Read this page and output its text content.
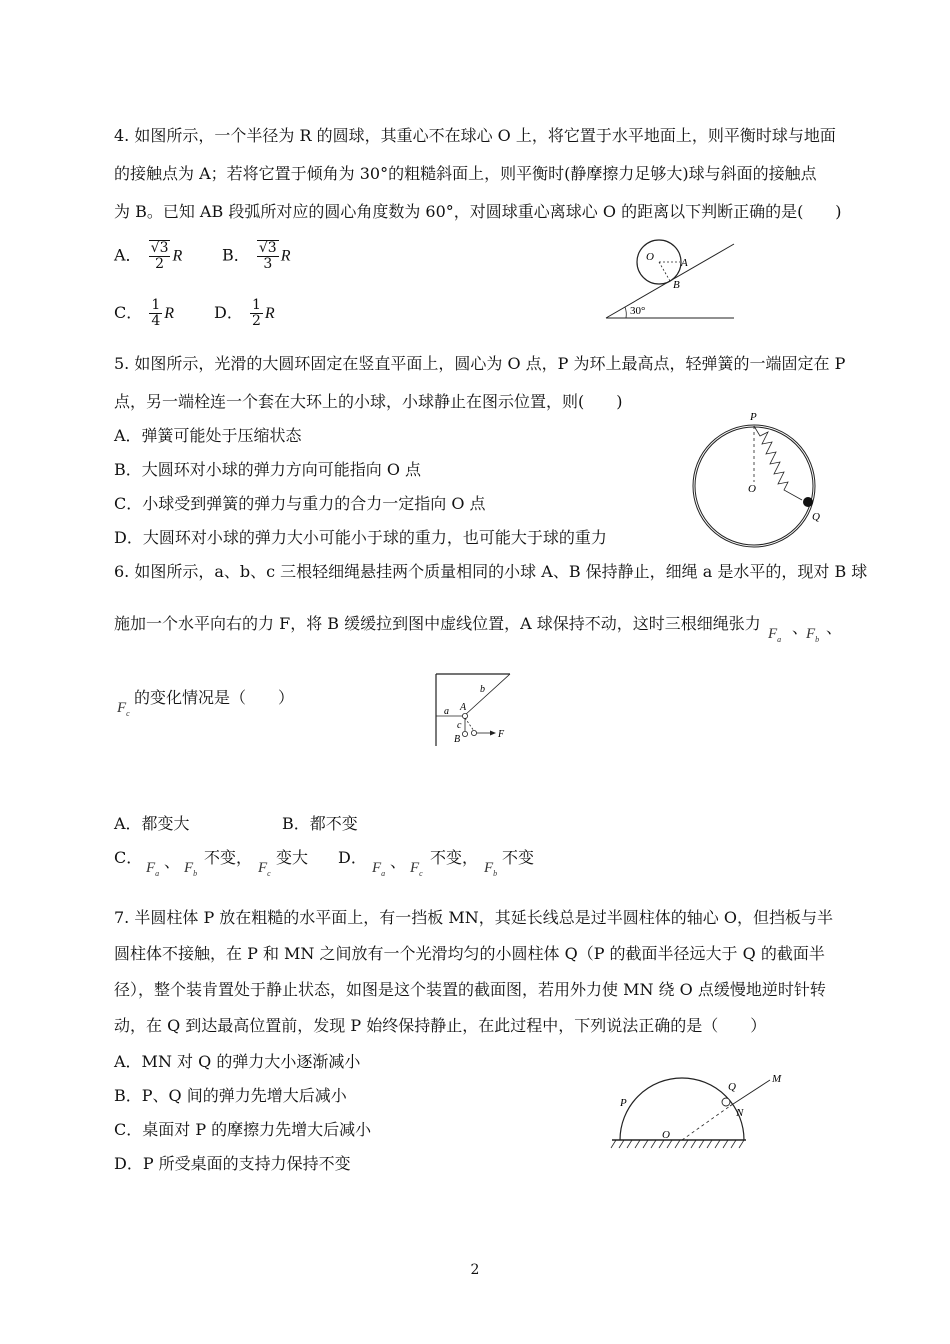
4. 如图所示，一个半径为 R 的圆球，其重心不在球心 O 上，将它置于水平地面上，则平衡时球与地面
的接触点为 A；若将它置于倾角为 30°的粗糙斜面上，则平衡时(静摩擦力足够大)球与斜面的接触点
为 B。已知 AB 段弧所对应的圆心角度数为 60°，对圆球重心离球心 O 的距离以下判断正确的是(　　)
A． $\frac{√3}{2}$ R B． $\frac{√3}{3}$ R
C． $\frac{1}{4}$ R D． $\frac{1}{2}$ R
O A
B
30°
5. 如图所示，光滑的大圆环固定在竖直平面上，圆心为 O 点，P 为环上最高点，轻弹簧的一端固定在 P
点，另一端栓连一个套在大环上的小球，小球静止在图示位置，则(　　)
A．弹簧可能处于压缩状态
B．大圆环对小球的弹力方向可能指向 O 点
C．小球受到弹簧的弹力与重力的合力一定指向 O 点
D．大圆环对小球的弹力大小可能小于球的重力，也可能大于球的重力
P
O
Q
6. 如图所示，a、b、c 三根轻细绳悬挂两个质量相同的小球 A、B 保持静止，细绳 a 是水平的，现对 B 球
施加一个水平向右的力 F，将 B 缓缓拉到图中虚线位置，A 球保持不动，这时三根细绳张力
$F_a$
、
$F_b$
、
$F_c$
的变化情况是（　　）
a
b
A
c
B	F
A．都变大	B．都不变
C．
$F_a$
、 $F_b$
不变，
$F_c$
变大 D．
$F_a$
、 $F_c$
不变，
$F_b$
不变
7. 半圆柱体 P 放在粗糙的水平面上，有一挡板 MN，其延长线总是过半圆柱体的轴心 O，但挡板与半
圆柱体不接触，在 P 和 MN 之间放有一个光滑均匀的小圆柱体 Q（P 的截面半径远大于 Q 的截面半
径），整个装肯置处于静止状态，如图是这个装置的截面图，若用外力使 MN 绕 O 点缓慢地逆时针转
动，在 Q 到达最高位置前，发现 P 始终保持静止，在此过程中，下列说法正确的是（　　）
A．MN 对 Q 的弹力大小逐渐减小
B．P、Q 间的弹力先增大后减小
C．桌面对 P 的摩擦力先增大后减小
D．P 所受桌面的支持力保持不变
P
Q
M
N
O
2
